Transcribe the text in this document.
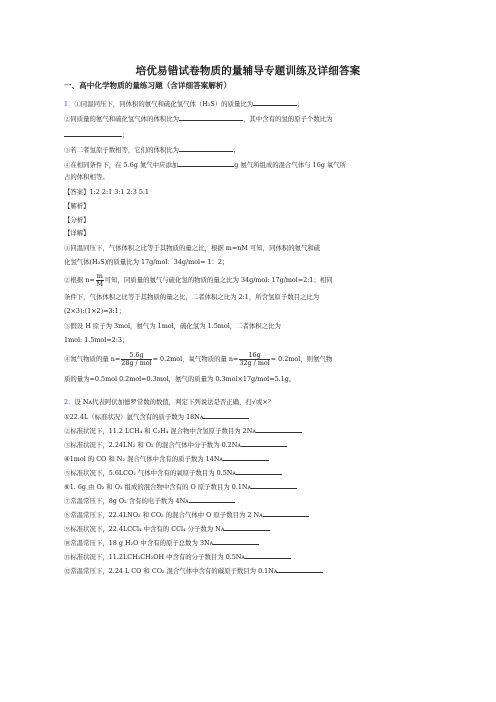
培优易错试卷物质的量辅导专题训练及详细答案
一、高中化学物质的量练习题（含详细答案解析）
1．①同温同压下，同体积的氨气和硫化氢气体（H₂S）的质量比为	；
②同质量的氨气和硫化氢气体的体积比为	，其中含有的氢的原子个数比为
；
③若二者氢原子数相等，它们的体积比为	；
④在相同条件下，在 5.6g 氮气中应添加	g 氨气所组成的混合气体与 16g 氧气所
占的体积相等。
【答案】1:2 2:1 3:1 2:3 5.1
【解析】
【分析】
【详解】
①同温同压下，气体体积之比等于其物质的量之比，根据 m=nM 可知，同体积的氨气和硫
化氢气体(H₂S)的质量比为 17g/mol：34g/mol= 1：2；
②根据 $n= \frac{m}{M}$ 可知，同质量的氨气与硫化氢的物质的量之比为 34g/mol: 17g/mol=2:1；相同
条件下，气体体积之比等于其物质的量之比，二者体积之比为 2:1，所含氢原子数目之比为
(2×3):(1×2)=3:1；
③假设 H 原子为 3mol，氨气为 1mol，硫化氢为 1.5mol，二者体积之比为
1mol: 1.5mol=2:3；
④氮气物质的量 $n= \frac{5.6g}{\text{28g / mol}} = 0.2mol$，氧气物质的量 $n= \frac{16g}{\text{32g / mol}} = 0.2mol$，则氨气物
质的量为=0.5mol 0.2mol=0.3mol，氨气的质量为 0.3mol×17g/mol=5.1g。
2．设 Nᴀ代表阿伏加德罗常数的数值，判定下列说法是否正确，打√或×？
①22.4L（标准状况）氩气含有的质子数为 18Nᴀ
②标准状况下，11.2 LCH₄ 和 C₂H₄ 混合物中含氢原子数目为 2Nᴀ
③标准状况下，2.24LN₂ 和 O₂ 的混合气体中分子数为 0.2Nᴀ
④1mol 的 CO 和 N₂ 混合气体中含有的质子数为 14Nᴀ
⑤标准状况下，5.6LCO₂ 气体中含有的氧原子数目为 0.5Nᴀ
⑥1. 6g 由 O₂ 和 O₃ 组成的混合物中含有的 O 原子数目为 0.1Nᴀ
⑦常温常压下，8g O₂ 含有的电子数为 4Nᴀ
⑧常温常压下，22.4LNO₂ 和 CO₂ 的混合气体中 O 原子数目为 2 Nᴀ
⑨标准状况下，22.4LCCl₄ 中含有的 CCl₄ 分子数为 Nᴀ
⑩常温常压下，18 g H₂O 中含有的原子总数为 3Nᴀ
⑪标准状况下，11.2LCH₃CH₂OH 中含有的分子数目为 0.5Nᴀ
⑫常温常压下，2.24 L CO 和 CO₂ 混合气体中含有的碳原子数目为 0.1Nᴀ
